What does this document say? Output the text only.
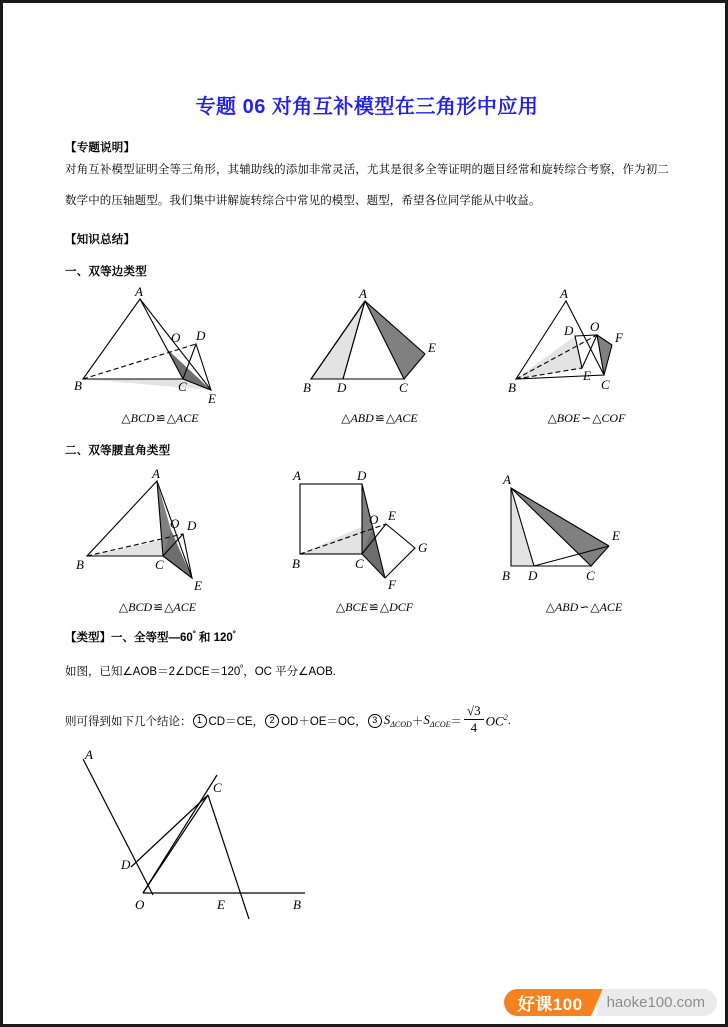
专题 06 对角互补模型在三角形中应用
【专题说明】
对角互补模型证明全等三角形，其辅助线的添加非常灵活，尤其是很多全等证明的题目经常和旋转综合考察，作为初二数学中的压轴题型。我们集中讲解旋转综合中常见的模型、题型，希望各位同学能从中收益。
【知识总结】
一、双等边类型
A
B	C
D
E
O
△BCD≌△ACE
A
B D	C
E
△ABD≌△ACE
A
B	C
D
E
F
O
△BOE∽△COF
二、双等腰直角类型
A
B	C
D
E
O
△BCD≌△ACE
A	D
B	C
E
G
F
O
△BCE≌△DCF
A
B D	C
E
△ABD∽△ACE
【类型】一、全等型$—60^º$ 和 $120^º$
如图，已知$\angle AOB=2\angle DCE=120^º$，OC 平分∠AOB.
则可得到如下几个结论： 1 CD＝CE， 2 OD＋OE＝OC， 3 $S_{\Delta COD} + S_{\Delta COE} = \frac{√3}{4} OC^2$ .
A
C
D
O	E	B
好课100	haoke100.com
